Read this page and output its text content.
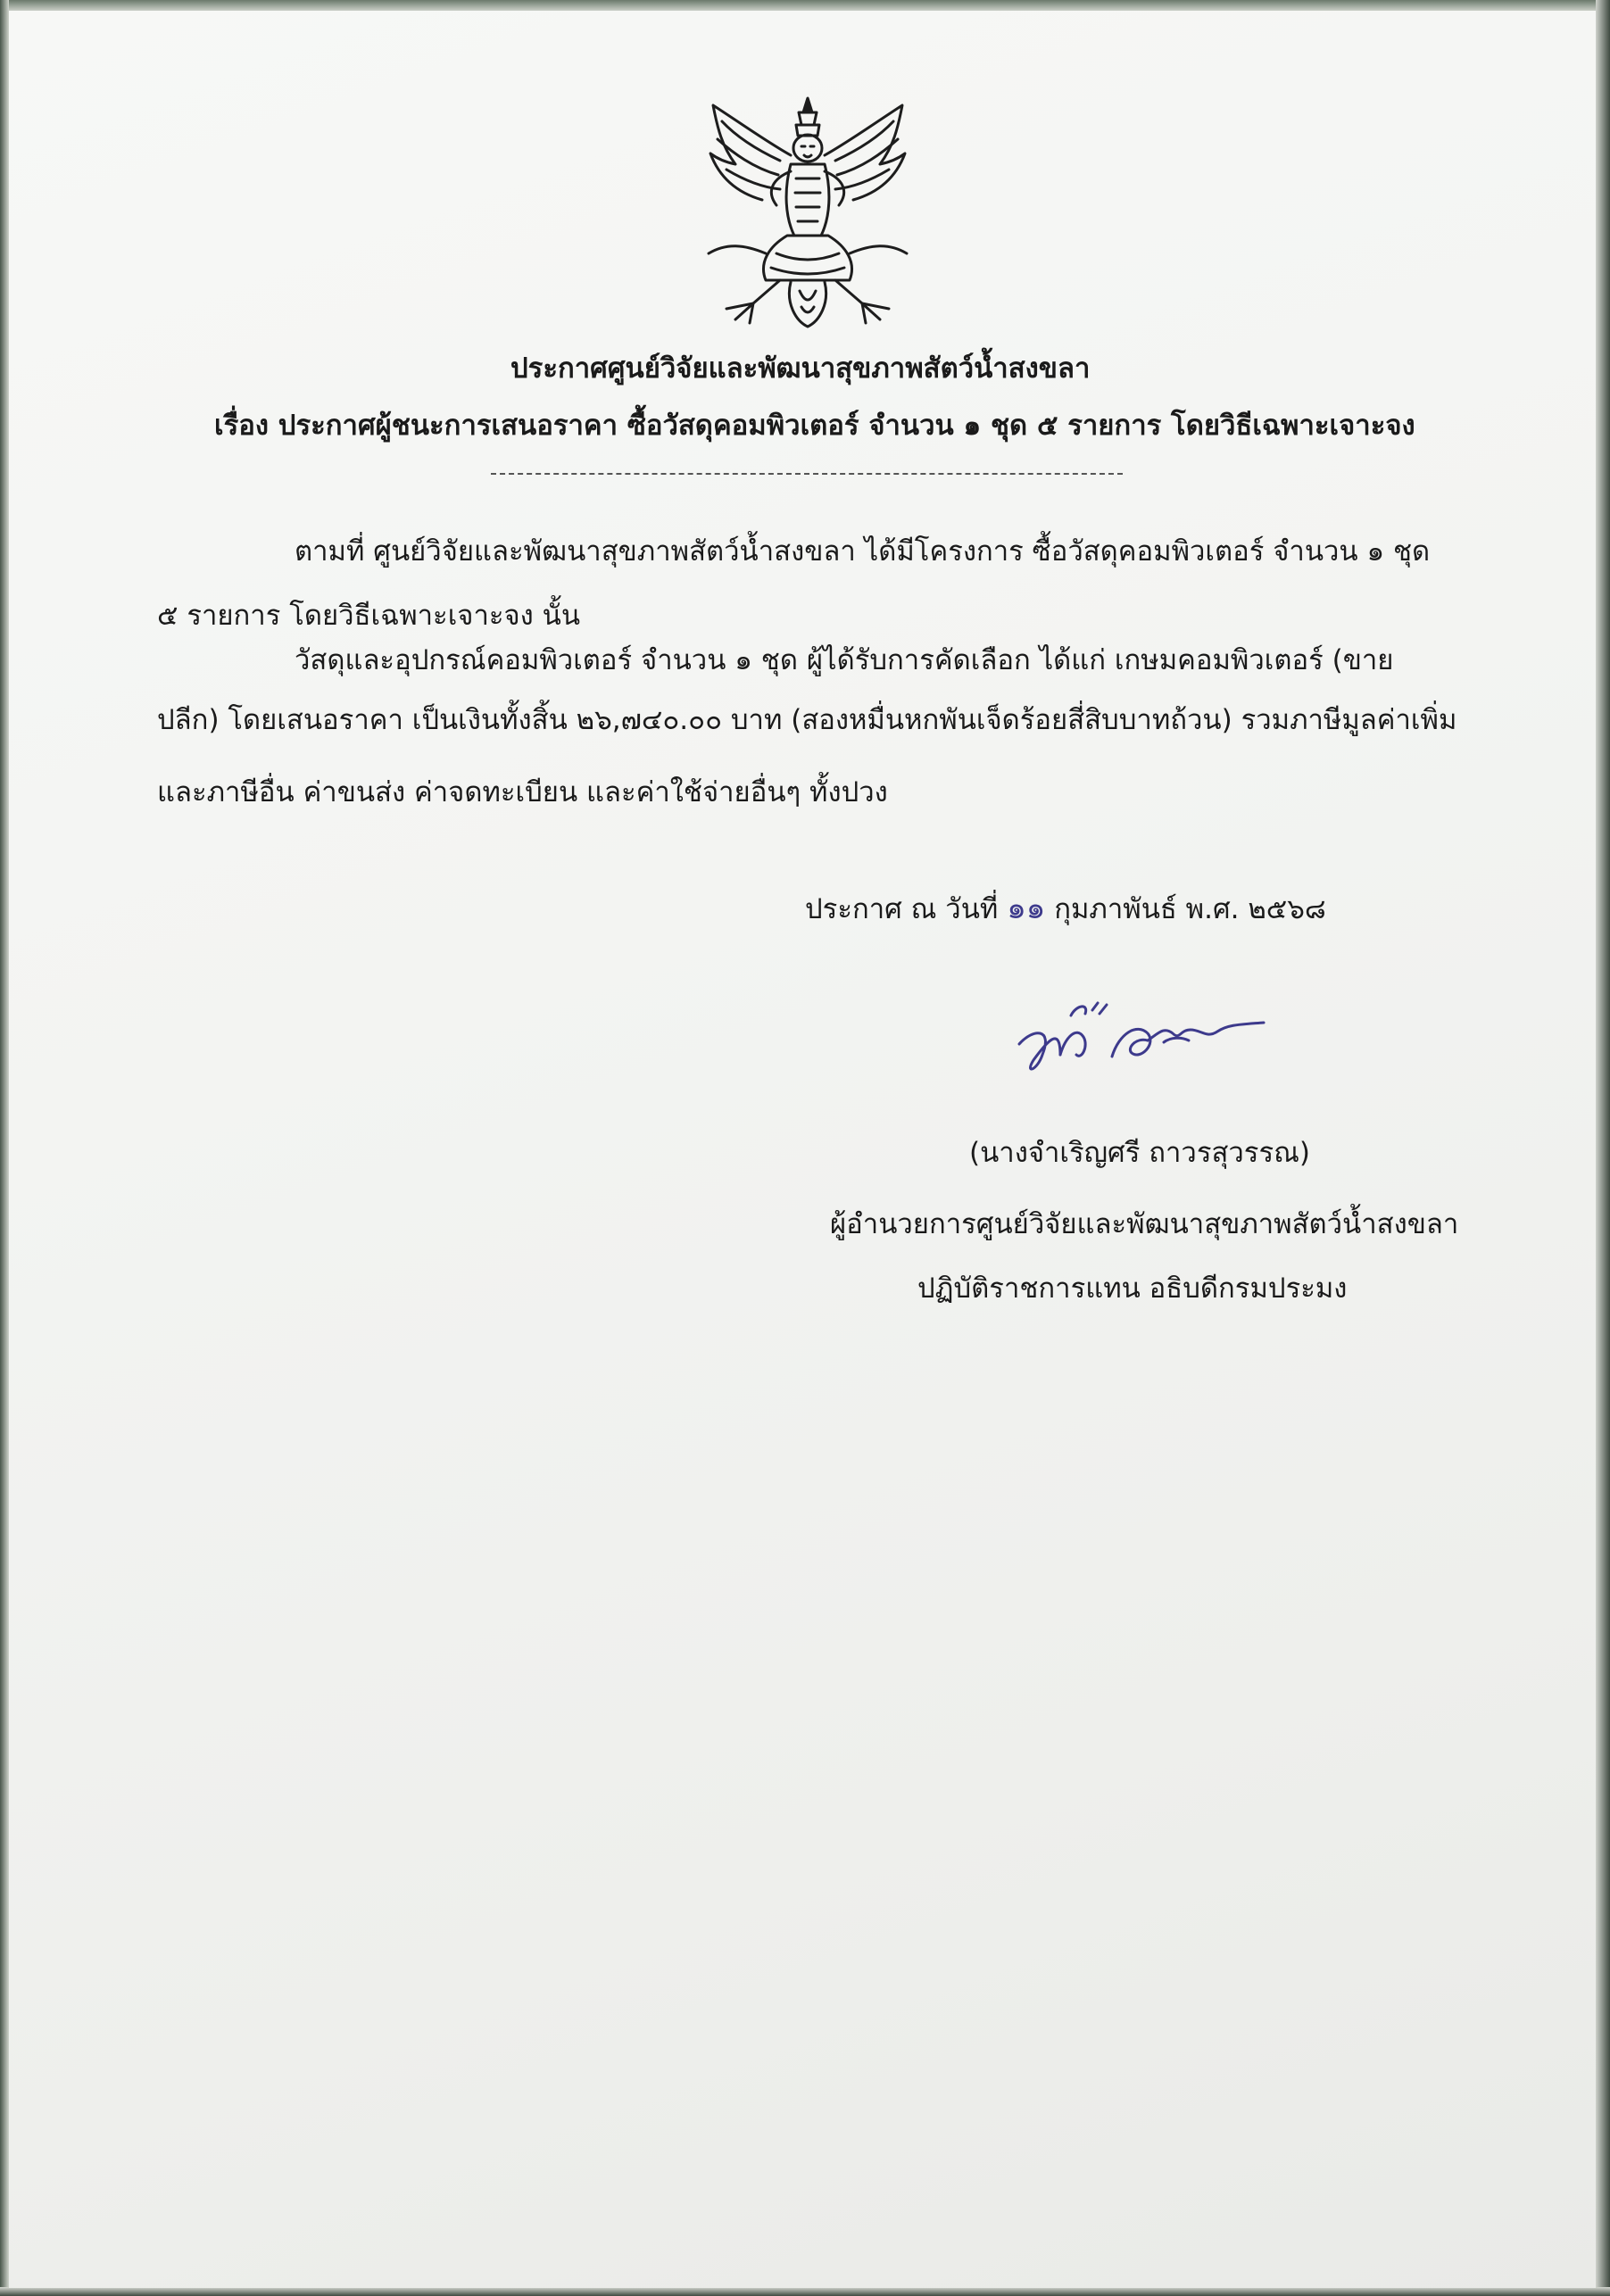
ประกาศศูนย์วิจัยและพัฒนาสุขภาพสัตว์น้ำสงขลา
เรื่อง ประกาศผู้ชนะการเสนอราคา ซื้อวัสดุคอมพิวเตอร์ จำนวน ๑ ชุด ๕ รายการ โดยวิธีเฉพาะเจาะจง
ตามที่ ศูนย์วิจัยและพัฒนาสุขภาพสัตว์น้ำสงขลา ได้มีโครงการ ซื้อวัสดุคอมพิวเตอร์ จำนวน ๑ ชุด
๕ รายการ โดยวิธีเฉพาะเจาะจง นั้น
วัสดุและอุปกรณ์คอมพิวเตอร์ จำนวน ๑ ชุด ผู้ได้รับการคัดเลือก ได้แก่ เกษมคอมพิวเตอร์ (ขาย
ปลีก) โดยเสนอราคา เป็นเงินทั้งสิ้น ๒๖,๗๔๐.๐๐ บาท (สองหมื่นหกพันเจ็ดร้อยสี่สิบบาทถ้วน) รวมภาษีมูลค่าเพิ่ม
และภาษีอื่น ค่าขนส่ง ค่าจดทะเบียน และค่าใช้จ่ายอื่นๆ ทั้งปวง
ประกาศ ณ วันที่ ๑๑ กุมภาพันธ์ พ.ศ. ๒๕๖๘
(นางจำเริญศรี ถาวรสุวรรณ)
ผู้อำนวยการศูนย์วิจัยและพัฒนาสุขภาพสัตว์น้ำสงขลา
ปฏิบัติราชการแทน อธิบดีกรมประมง
